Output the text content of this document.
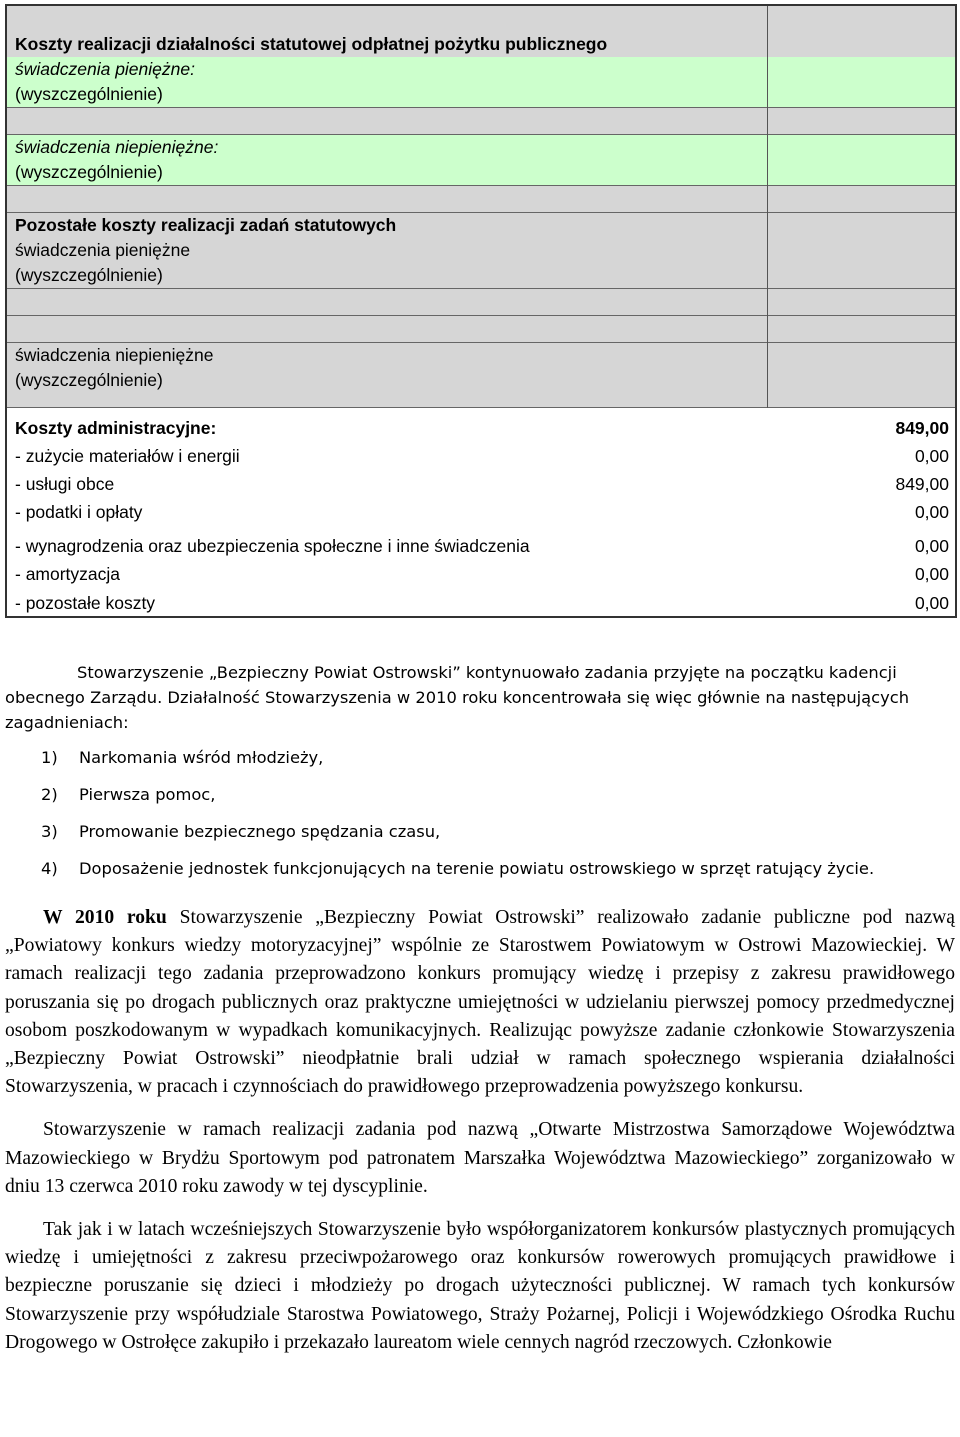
Koszty realizacji działalności statutowej odpłatnej pożytku publicznego	
świadczenia pieniężne:	
(wyszczególnienie)	

świadczenia niepieniężne:	
(wyszczególnienie)	

Pozostałe koszty realizacji zadań statutowych	
świadczenia pieniężne	
(wyszczególnienie)	

świadczenia niepieniężne	
(wyszczególnienie)	

Koszty administracyjne:	849,00
- zużycie materiałów i energii	0,00
- usługi obce	849,00
- podatki i opłaty	0,00
- wynagrodzenia oraz ubezpieczenia społeczne i inne świadczenia	0,00
- amortyzacja	0,00
- pozostałe koszty	0,00

Stowarzyszenie „Bezpieczny Powiat Ostrowski” kontynuowało zadania przyjęte na początku kadencji obecnego Zarządu. Działalność Stowarzyszenia w 2010 roku koncentrowała się więc głównie na następujących zagadnieniach:

1) Narkomania wśród młodzieży,
2) Pierwsza pomoc,
3) Promowanie bezpiecznego spędzania czasu,
4) Doposażenie jednostek funkcjonujących na terenie powiatu ostrowskiego w sprzęt ratujący życie.

W 2010 roku Stowarzyszenie „Bezpieczny Powiat Ostrowski” realizowało zadanie publiczne pod nazwą „Powiatowy konkurs wiedzy motoryzacyjnej” wspólnie ze Starostwem Powiatowym w Ostrowi Mazowieckiej. W ramach realizacji tego zadania przeprowadzono konkurs promujący wiedzę i przepisy z zakresu prawidłowego poruszania się po drogach publicznych oraz praktyczne umiejętności w udzielaniu pierwszej pomocy przedmedycznej osobom poszkodowanym w wypadkach komunikacyjnych. Realizując powyższe zadanie członkowie Stowarzyszenia „Bezpieczny Powiat Ostrowski” nieodpłatnie brali udział w ramach społecznego wspierania działalności Stowarzyszenia, w pracach i czynnościach do prawidłowego przeprowadzenia powyższego konkursu.

Stowarzyszenie w ramach realizacji zadania pod nazwą „Otwarte Mistrzostwa Samorządowe Województwa Mazowieckiego w Brydżu Sportowym pod patronatem Marszałka Województwa Mazowieckiego” zorganizowało w dniu 13 czerwca 2010 roku zawody w tej dyscyplinie.

Tak jak i w latach wcześniejszych Stowarzyszenie było współorganizatorem konkursów plastycznych promujących wiedzę i umiejętności z zakresu przeciwpożarowego oraz konkursów rowerowych promujących prawidłowe i bezpieczne poruszanie się dzieci i młodzieży po drogach użyteczności publicznej. W ramach tych konkursów Stowarzyszenie przy współudziale Starostwa Powiatowego, Straży Pożarnej, Policji i Wojewódzkiego Ośrodka Ruchu Drogowego w Ostrołęce zakupiło i przekazało laureatom wiele cennych nagród rzeczowych. Członkowie
